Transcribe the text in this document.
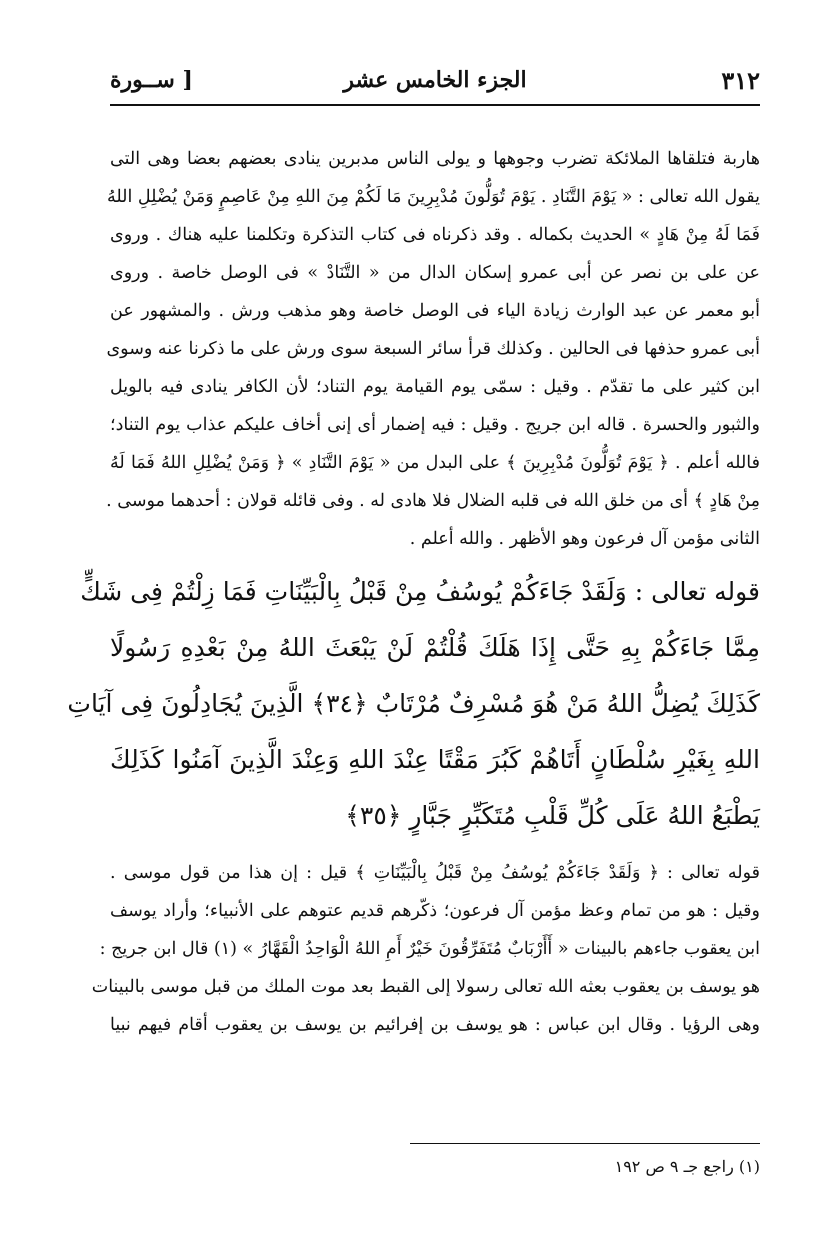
[ ســورة	الجزء الخامس عشر	٣١٢
هاربة فتلقاها الملائكة تضرب وجوهها و يولى الناس مدبرين ينادى بعضهم بعضا وهى التى
يقول الله تعالى : « يَوْمَ التَّنَادِ . يَوْمَ تُوَلُّونَ مُدْبِرِينَ مَا لَكُمْ مِنَ اللهِ مِنْ عَاصِمٍ وَمَنْ يُضْلِلِ اللهُ
فَمَا لَهُ مِنْ هَادٍ » الحديث بكماله . وقد ذكرناه فى كتاب التذكرة وتكلمنا عليه هناك . وروى
عن على بن نصر عن أبى عمرو إسكان الدال من « التَّنَادْ » فى الوصل خاصة . وروى
أبو معمر عن عبد الوارث زيادة الياء فى الوصل خاصة وهو مذهب ورش . والمشهور عن
أبى عمرو حذفها فى الحالين . وكذلك قرأ سائر السبعة سوى ورش على ما ذكرنا عنه وسوى
ابن كثير على ما تقدّم . وقيل : سمّى يوم القيامة يوم التناد؛ لأن الكافر ينادى فيه بالويل
والثبور والحسرة . قاله ابن جريج . وقيل : فيه إضمار أى إنى أخاف عليكم عذاب يوم التناد؛
فالله أعلم . ﴿ يَوْمَ تُوَلُّونَ مُدْبِرِينَ ﴾ على البدل من « يَوْمَ التَّنَادِ » ﴿ وَمَنْ يُضْلِلِ اللهُ فَمَا لَهُ
مِنْ هَادٍ ﴾ أى من خلق الله فى قلبه الضلال فلا هادى له . وفى قائله قولان : أحدهما موسى .
الثانى مؤمن آل فرعون وهو الأظهر . والله أعلم .
قوله تعالى : وَلَقَدْ جَاءَكُمْ يُوسُفُ مِنْ قَبْلُ بِالْبَيِّنَاتِ فَمَا زِلْتُمْ فِى شَكٍّ
مِمَّا جَاءَكُمْ بِهِ حَتَّى إِذَا هَلَكَ قُلْتُمْ لَنْ يَبْعَثَ اللهُ مِنْ بَعْدِهِ رَسُولًا
كَذَلِكَ يُضِلُّ اللهُ مَنْ هُوَ مُسْرِفٌ مُرْتَابٌ ﴿٣٤﴾ الَّذِينَ يُجَادِلُونَ فِى آيَاتِ
اللهِ بِغَيْرِ سُلْطَانٍ أَتَاهُمْ كَبُرَ مَقْتًا عِنْدَ اللهِ وَعِنْدَ الَّذِينَ آمَنُوا كَذَلِكَ
يَطْبَعُ اللهُ عَلَى كُلِّ قَلْبِ مُتَكَبِّرٍ جَبَّارٍ ﴿٣٥﴾
قوله تعالى : ﴿ وَلَقَدْ جَاءَكُمْ يُوسُفُ مِنْ قَبْلُ بِالْبَيِّنَاتِ ﴾ قيل : إن هذا من قول موسى .
وقيل : هو من تمام وعظ مؤمن آل فرعون؛ ذكّرهم قديم عتوهم على الأنبياء؛ وأراد يوسف
ابن يعقوب جاءهم بالبينات « أَأَرْبَابٌ مُتَفَرِّقُونَ خَيْرٌ أَمِ اللهُ الْوَاحِدُ الْقَهَّارُ » (١) قال ابن جريج :
هو يوسف بن يعقوب بعثه الله تعالى رسولا إلى القبط بعد موت الملك من قبل موسى بالبينات
وهى الرؤيا . وقال ابن عباس : هو يوسف بن إفرائيم بن يوسف بن يعقوب أقام فيهم نبيا
(١) راجع جـ ٩ ص ١٩٢
